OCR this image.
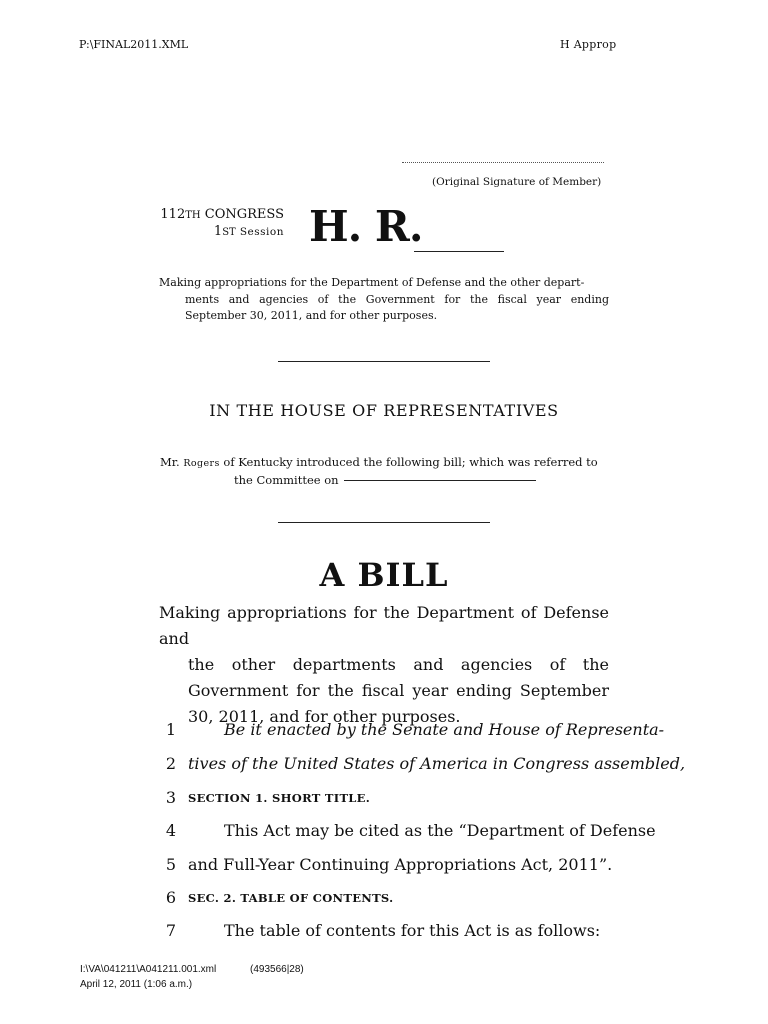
P:\FINAL2011.XML	H Approp
(Original Signature of Member)
112TH CONGRESS
1ST Session H. R.
Making appropriations for the Department of Defense and the other depart-
ments and agencies of the Government for the fiscal year ending September 30, 2011, and for other purposes.
IN THE HOUSE OF REPRESENTATIVES
Mr. Rogers of Kentucky introduced the following bill; which was referred to
the Committee on
A BILL
Making appropriations for the Department of Defense and
the other departments and agencies of the Government for the fiscal year ending September 30, 2011, and for other purposes.
1	Be it enacted by the Senate and House of Representa-
2 tives of the United States of America in Congress assembled,
3 SECTION 1. SHORT TITLE.
4	This Act may be cited as the “Department of Defense
5 and Full-Year Continuing Appropriations Act, 2011”.
6 SEC. 2. TABLE OF CONTENTS.
7	The table of contents for this Act is as follows:
I:\VA\041211\A041211.001.xml	(493566|28)
April 12, 2011 (1:06 a.m.)
